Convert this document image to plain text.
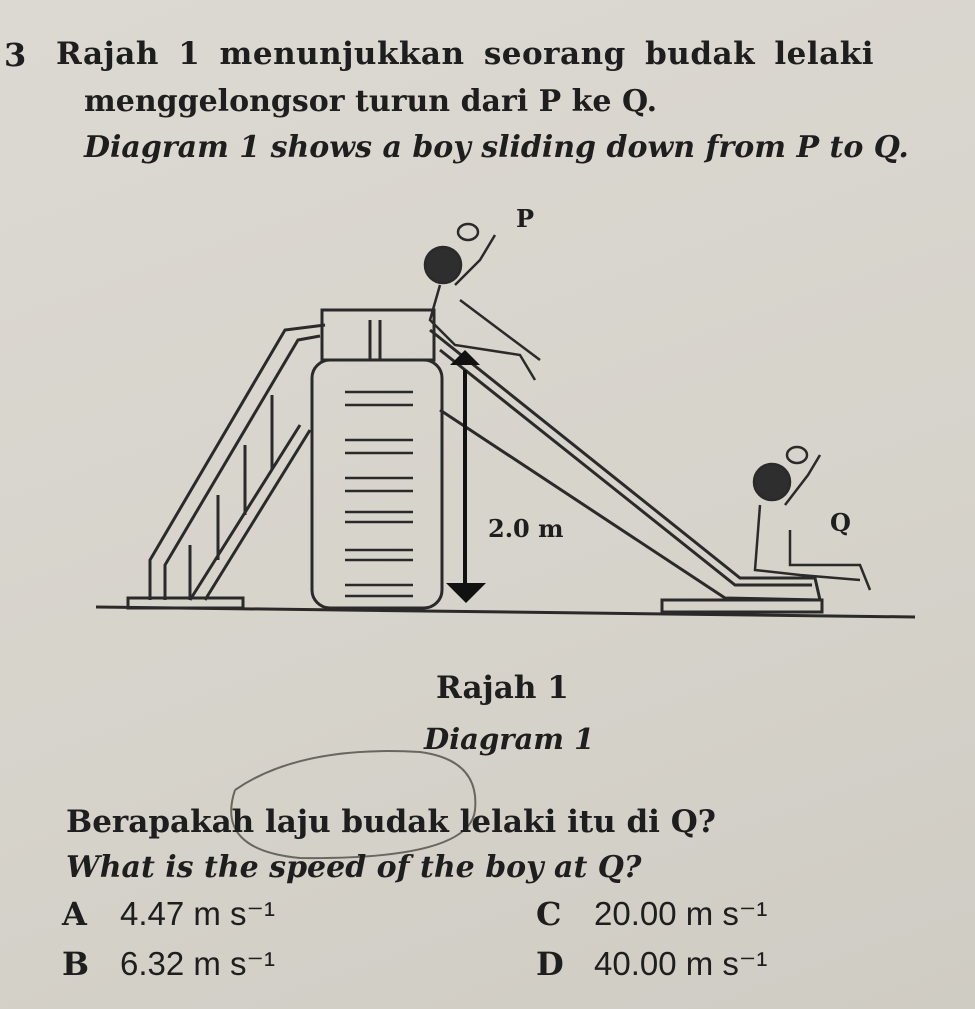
3 Rajah 1 menunjukkan seorang budak lelaki
menggelongsor turun dari P ke Q.
Diagram 1 shows a boy sliding down from P to Q.
P
Q
2.0 m
Rajah 1
Diagram 1
Berapakah laju budak lelaki itu di Q?
What is the speed of the boy at Q?
A 4.47 m s⁻¹
B 6.32 m s⁻¹
C 20.00 m s⁻¹
D 40.00 m s⁻¹
